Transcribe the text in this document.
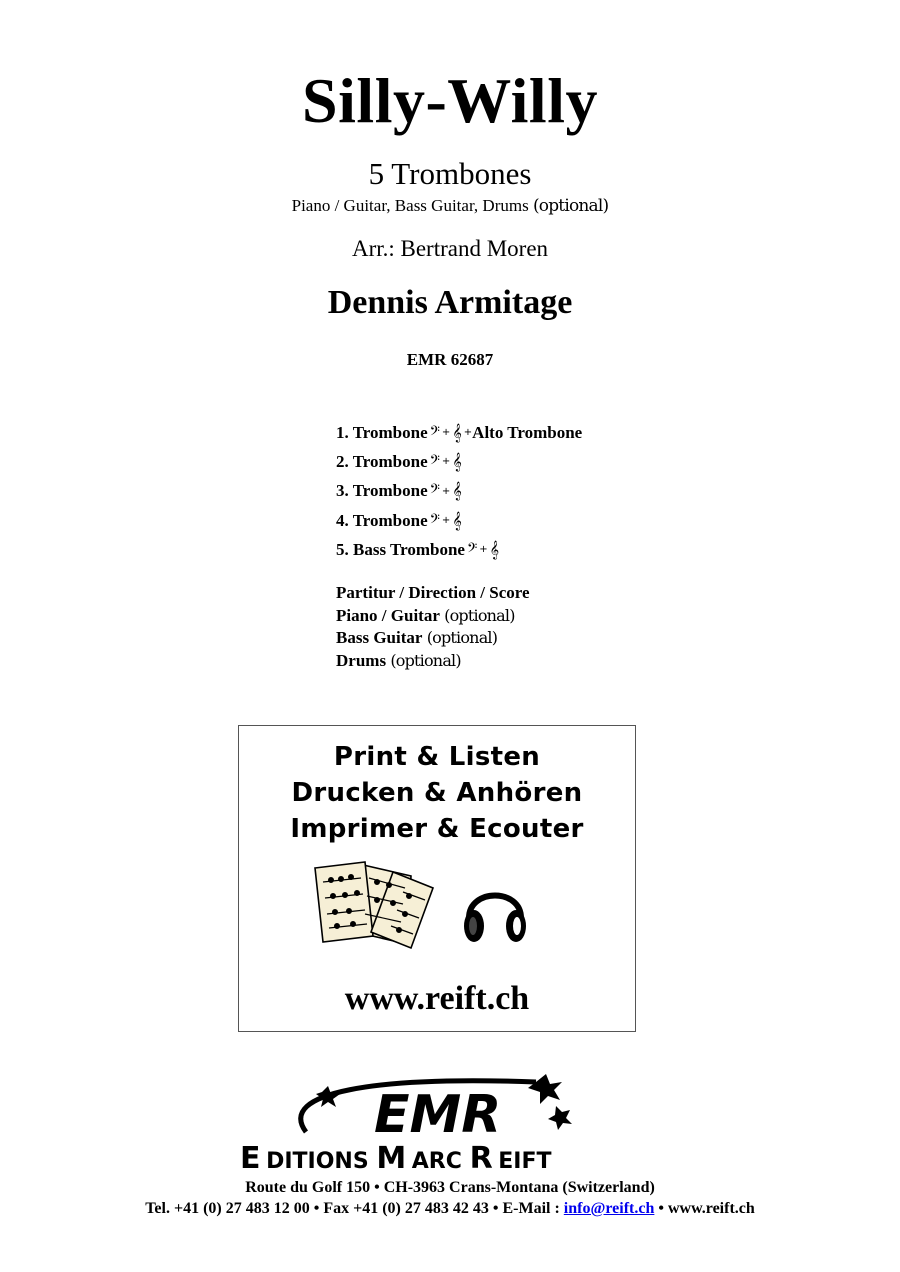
Silly-Willy
5 Trombones
Piano / Guitar, Bass Guitar, Drums (optional)
Arr.: Bertrand Moren
Dennis Armitage
EMR 62687
1. Trombone 𝄢 + 𝄞 + Alto Trombone
2. Trombone 𝄢 + 𝄞
3. Trombone 𝄢 + 𝄞
4. Trombone 𝄢 + 𝄞
5. Bass Trombone 𝄢 + 𝄞
Partitur / Direction / Score
Piano / Guitar (optional)
Bass Guitar (optional)
Drums (optional)
Print & Listen
Drucken & Anhören
Imprimer & Ecouter
www.reift.ch
EMR
E DITIONS M ARC R EIFT
Route du Golf 150 • CH-3963 Crans-Montana (Switzerland)
Tel. +41 (0) 27 483 12 00 • Fax +41 (0) 27 483 42 43 • E-Mail : info@reift.ch • www.reift.ch
